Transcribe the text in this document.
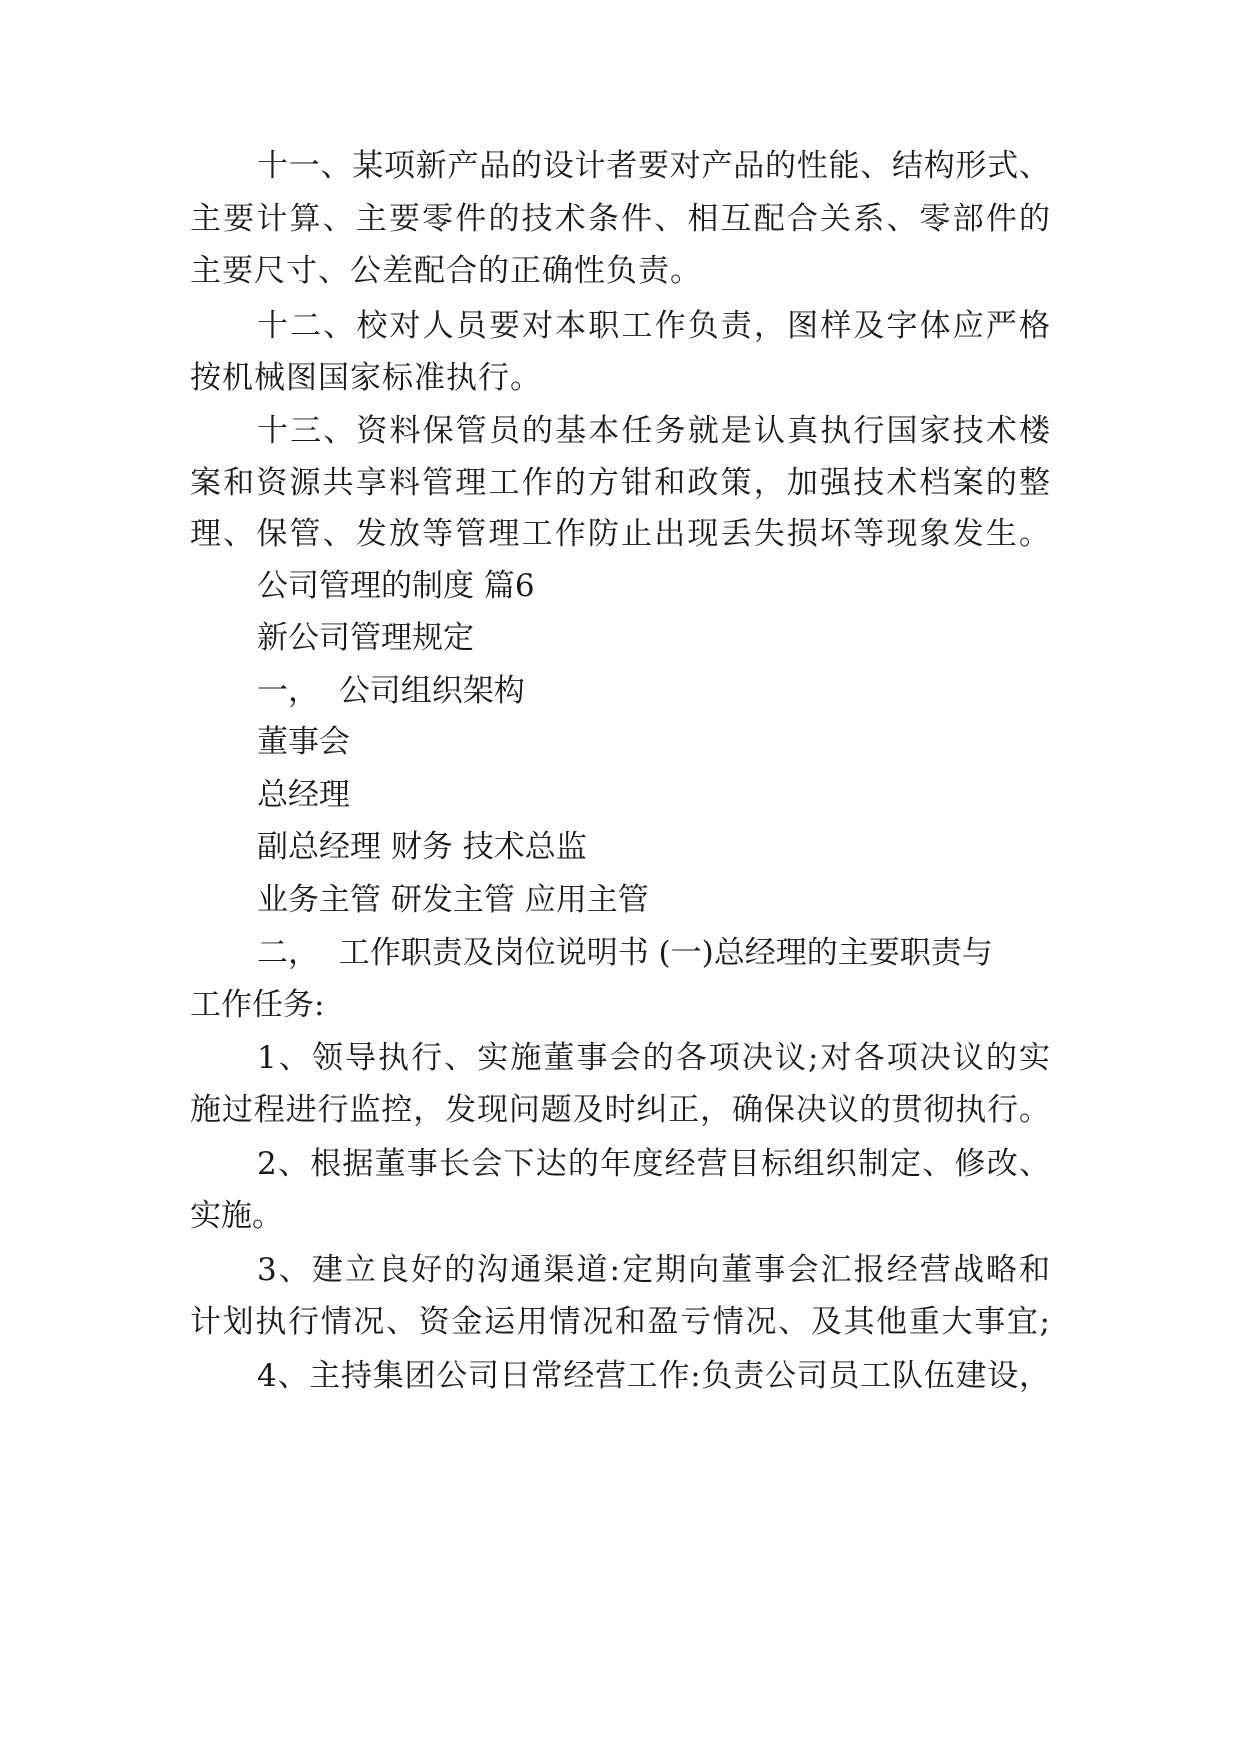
十一、某项新产品的设计者要对产品的性能、结构形式、

主要计算、主要零件的技术条件、相互配合关系、零部件的

主要尺寸、公差配合的正确性负责。

十二、校对人员要对本职工作负责，图样及字体应严格

按机械图国家标准执行。

十三、资料保管员的基本任务就是认真执行国家技术楼

案和资源共享料管理工作的方钳和政策，加强技术档案的整

理、保管、发放等管理工作防止出现丢失损坏等现象发生。

公司管理的制度 篇6

新公司管理规定

一，  公司组织架构

董事会

总经理

副总经理 财务 技术总监

业务主管 研发主管 应用主管

二，  工作职责及岗位说明书 (一)总经理的主要职责与

工作任务:

1、领导执行、实施董事会的各项决议;对各项决议的实

施过程进行监控，发现问题及时纠正，确保决议的贯彻执行。

2、根据董事长会下达的年度经营目标组织制定、修改、

实施。

3、建立良好的沟通渠道:定期向董事会汇报经营战略和

计划执行情况、资金运用情况和盈亏情况、及其他重大事宜;

4、主持集团公司日常经营工作:负责公司员工队伍建设，
